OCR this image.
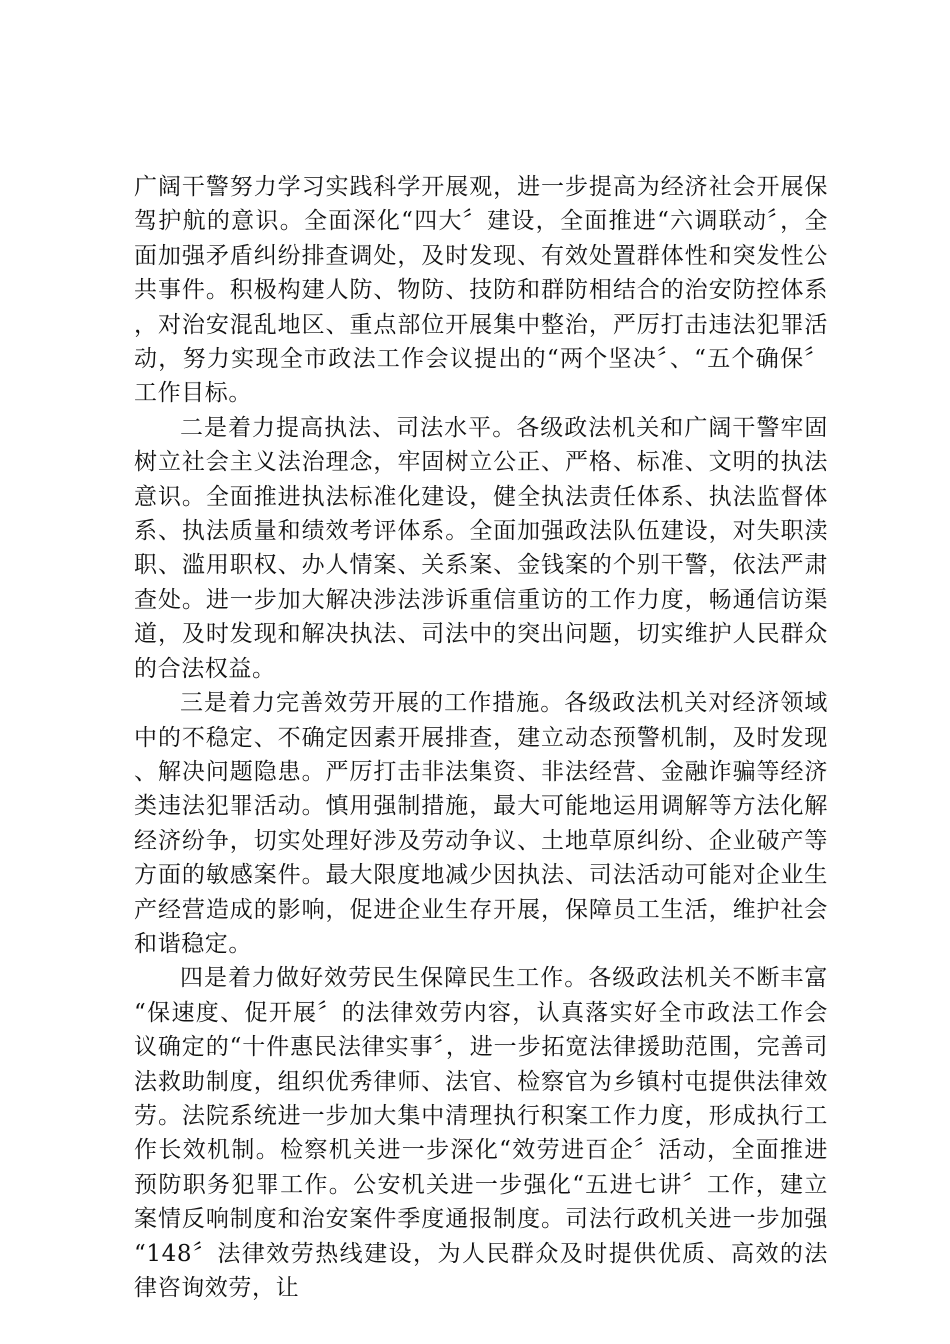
广阔干警努力学习实践科学开展观，进一步提高为经济社会开展保驾护航的意识。全面深化“四大〞建设，全面推进“六调联动〞，全面加强矛盾纠纷排查调处，及时发现、有效处置群体性和突发性公共事件。积极构建人防、物防、技防和群防相结合的治安防控体系，对治安混乱地区、重点部位开展集中整治，严厉打击违法犯罪活动，努力实现全市政法工作会议提出的“两个坚决〞、“五个确保〞工作目标。

二是着力提高执法、司法水平。各级政法机关和广阔干警牢固树立社会主义法治理念，牢固树立公正、严格、标准、文明的执法意识。全面推进执法标准化建设，健全执法责任体系、执法监督体系、执法质量和绩效考评体系。全面加强政法队伍建设，对失职渎职、滥用职权、办人情案、关系案、金钱案的个别干警，依法严肃查处。进一步加大解决涉法涉诉重信重访的工作力度，畅通信访渠道，及时发现和解决执法、司法中的突出问题，切实维护人民群众的合法权益。

三是着力完善效劳开展的工作措施。各级政法机关对经济领域中的不稳定、不确定因素开展排查，建立动态预警机制，及时发现、解决问题隐患。严厉打击非法集资、非法经营、金融诈骗等经济类违法犯罪活动。慎用强制措施，最大可能地运用调解等方法化解经济纷争，切实处理好涉及劳动争议、土地草原纠纷、企业破产等方面的敏感案件。最大限度地减少因执法、司法活动可能对企业生产经营造成的影响，促进企业生存开展，保障员工生活，维护社会和谐稳定。

四是着力做好效劳民生保障民生工作。各级政法机关不断丰富“保速度、促开展〞的法律效劳内容，认真落实好全市政法工作会议确定的“十件惠民法律实事〞，进一步拓宽法律援助范围，完善司法救助制度，组织优秀律师、法官、检察官为乡镇村屯提供法律效劳。法院系统进一步加大集中清理执行积案工作力度，形成执行工作长效机制。检察机关进一步深化“效劳进百企〞活动，全面推进预防职务犯罪工作。公安机关进一步强化“五进七讲〞工作，建立案情反响制度和治安案件季度通报制度。司法行政机关进一步加强“148〞法律效劳热线建设，为人民群众及时提供优质、高效的法律咨询效劳，让
